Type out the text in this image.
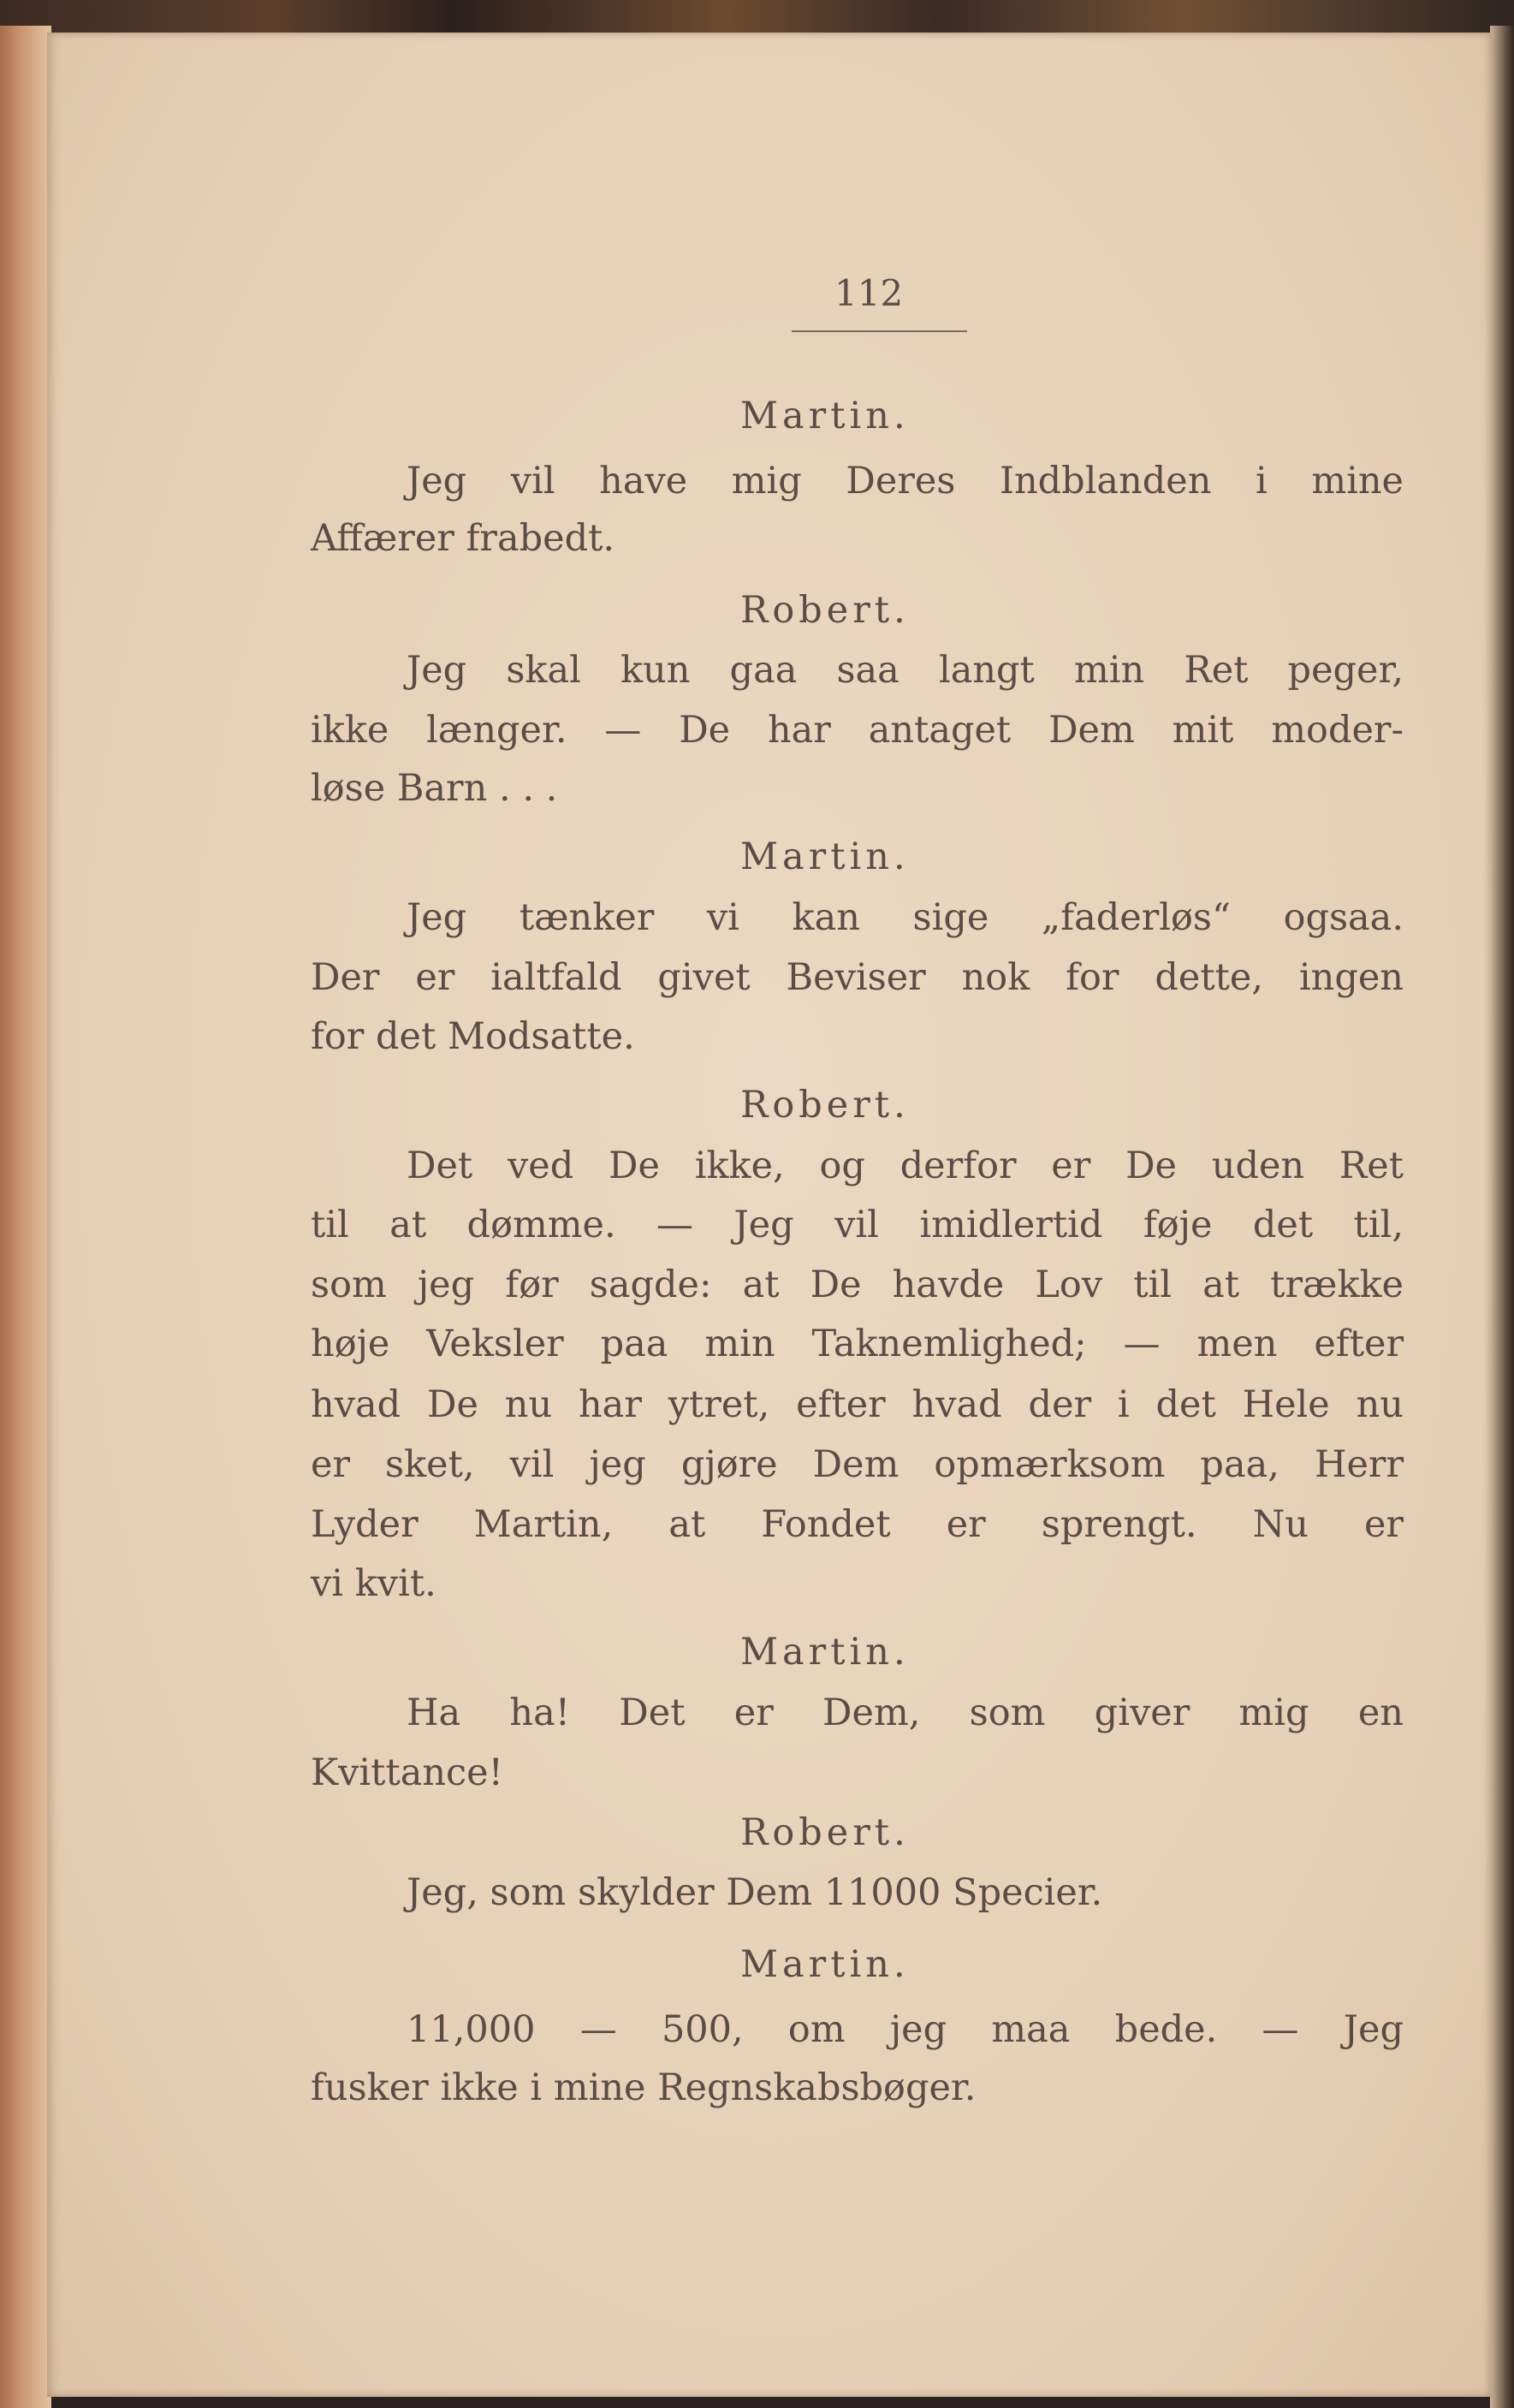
112
Martin.
Jeg vil have mig Deres Indblanden i mine
Affærer frabedt.
Robert.
Jeg skal kun gaa saa langt min Ret peger,
ikke længer. — De har antaget Dem mit moder-
løse Barn . . .
Martin.
Jeg tænker vi kan sige „faderløs“ ogsaa.
Der er ialtfald givet Beviser nok for dette, ingen
for det Modsatte.
Robert.
Det ved De ikke, og derfor er De uden Ret
til at dømme. — Jeg vil imidlertid føje det til,
som jeg før sagde: at De havde Lov til at trække
høje Veksler paa min Taknemlighed; — men efter
hvad De nu har ytret, efter hvad der i det Hele nu
er sket, vil jeg gjøre Dem opmærksom paa, Herr
Lyder Martin, at Fondet er sprengt. Nu er
vi kvit.
Martin.
Ha ha! Det er Dem, som giver mig en
Kvittance!
Robert.
Jeg, som skylder Dem 11000 Specier.
Martin.
11,000 — 500, om jeg maa bede. — Jeg
fusker ikke i mine Regnskabsbøger.
